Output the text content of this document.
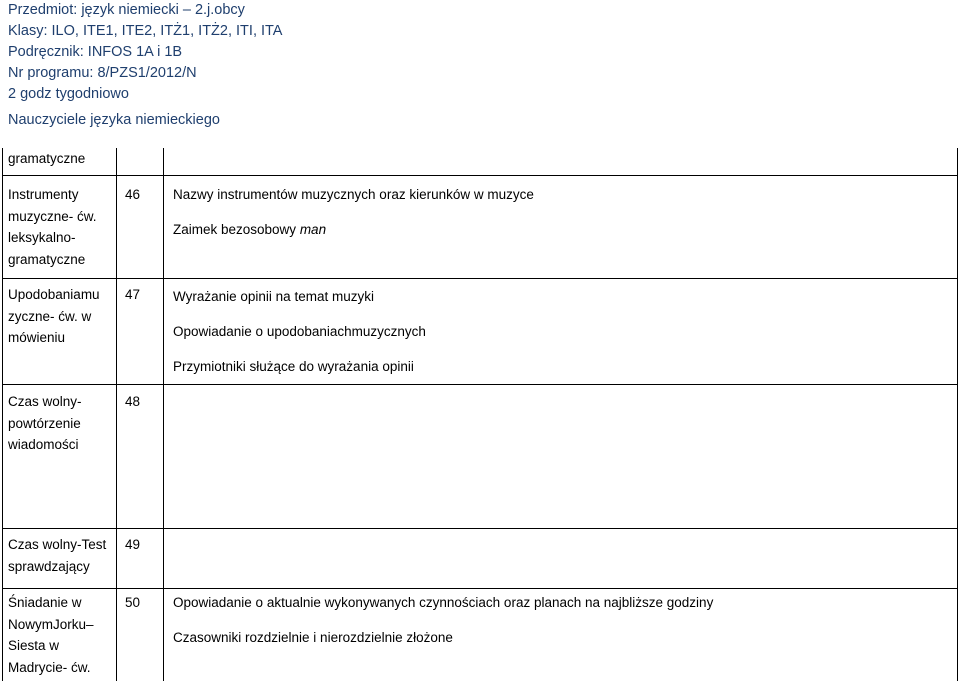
Przedmiot: język niemiecki – 2.j.obcy
Klasy: ILO, ITE1, ITE2, ITŻ1, ITŻ2, ITI, ITA
Podręcznik: INFOS 1A i 1B
Nr programu: 8/PZS1/2012/N
2 godz tygodniowo
Nauczyciele języka niemieckiego
gramatyczne
Instrumenty
muzyczne- ćw.
leksykalno-
gramatyczne
46 Nazwy instrumentów muzycznych oraz kierunków w muzyce
Zaimek bezosobowy man
Upodobaniamu
zyczne- ćw. w
mówieniu
47 Wyrażanie opinii na temat muzyki
Opowiadanie o upodobaniachmuzycznych
Przymiotniki służące do wyrażania opinii
Czas wolny-
powtórzenie
wiadomości
48
Czas wolny-Test
sprawdzający
49
Śniadanie w
NowymJorku–
Siesta w
Madrycie- ćw.
50 Opowiadanie o aktualnie wykonywanych czynnościach oraz planach na najbliższe godziny
Czasowniki rozdzielnie i nierozdzielnie złożone
